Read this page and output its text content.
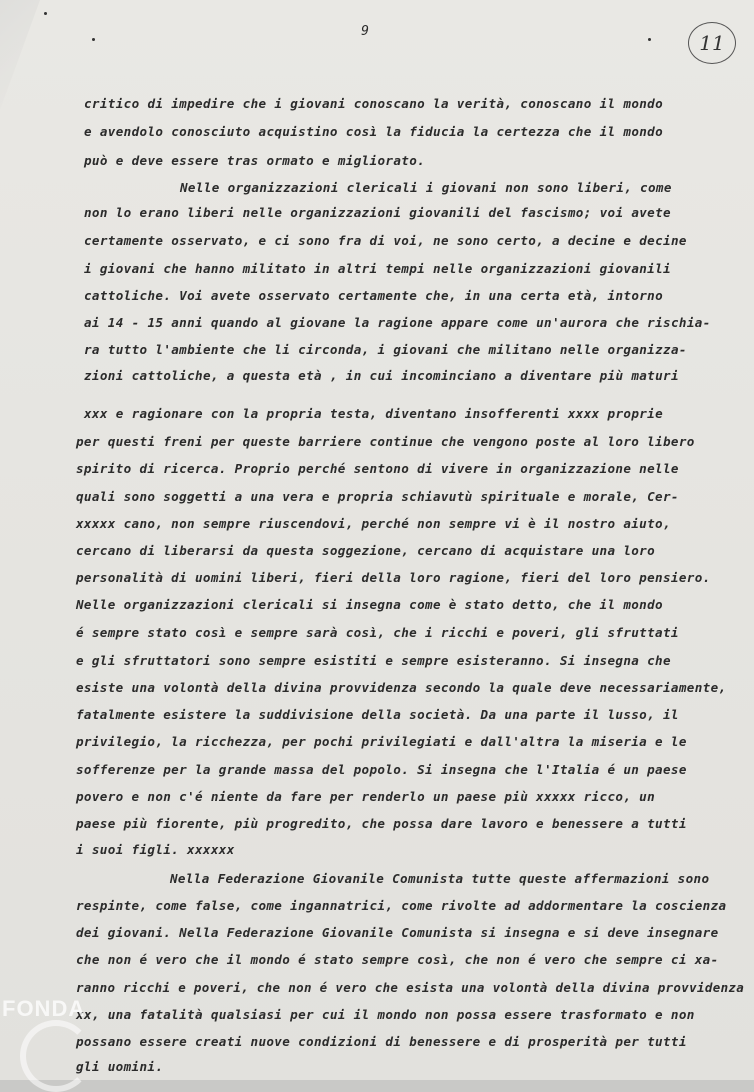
9	11
critico di impedire che i giovani conoscano la verità, conoscano il mondo
e avendolo conosciuto acquistino così la fiducia la certezza che il mondo
può e deve essere tras ormato e migliorato.
Nelle organizzazioni clericali i giovani non sono liberi, come
non lo erano liberi nelle organizzazioni giovanili del fascismo; voi avete
certamente osservato, e ci sono fra di voi, ne sono certo, a decine e decine
i giovani che hanno militato in altri tempi nelle organizzazioni giovanili
cattoliche. Voi avete osservato certamente che, in una certa età, intorno
ai 14 - 15 anni quando al giovane la ragione appare come un'aurora che rischia-
ra tutto l'ambiente che li circonda, i giovani che militano nelle organizza-
zioni cattoliche, a questa età , in cui incominciano a diventare più maturi
xxx e ragionare con la propria testa, diventano insofferenti xxxx proprie
per questi freni per queste barriere continue che vengono poste al loro libero
spirito di ricerca. Proprio perché sentono di vivere in organizzazione nelle
quali sono soggetti a una vera e propria schiavutù spirituale e morale, Cer-
xxxxx cano, non sempre riuscendovi, perché non sempre vi è il nostro aiuto,
cercano di liberarsi da questa soggezione, cercano di acquistare una loro
personalità di uomini liberi, fieri della loro ragione, fieri del loro pensiero.
Nelle organizzazioni clericali si insegna come è stato detto, che il mondo
é sempre stato così e sempre sarà così, che i ricchi e poveri, gli sfruttati
e gli sfruttatori sono sempre esistiti e sempre esisteranno. Si insegna che
esiste una volontà della divina provvidenza secondo la quale deve necessariamente,
fatalmente esistere la suddivisione della società. Da una parte il lusso, il
privilegio, la ricchezza, per pochi privilegiati e dall'altra la miseria e le
sofferenze per la grande massa del popolo. Si insegna che l'Italia é un paese
povero e non c'é niente da fare per renderlo un paese più xxxxx ricco, un
paese più fiorente, più progredito, che possa dare lavoro e benessere a tutti
i suoi figli. xxxxxx
Nella Federazione Giovanile Comunista tutte queste affermazioni sono
respinte, come false, come ingannatrici, come rivolte ad addormentare la coscienza
dei giovani. Nella Federazione Giovanile Comunista si insegna e si deve insegnare
che non é vero che il mondo é stato sempre così, che non é vero che sempre ci xa-
ranno ricchi e poveri, che non é vero che esista una volontà della divina provvidenza
xx, una fatalità qualsiasi per cui il mondo non possa essere trasformato e non
possano essere creati nuove condizioni di benessere e di prosperità per tutti
gli uomini.
FONDA
